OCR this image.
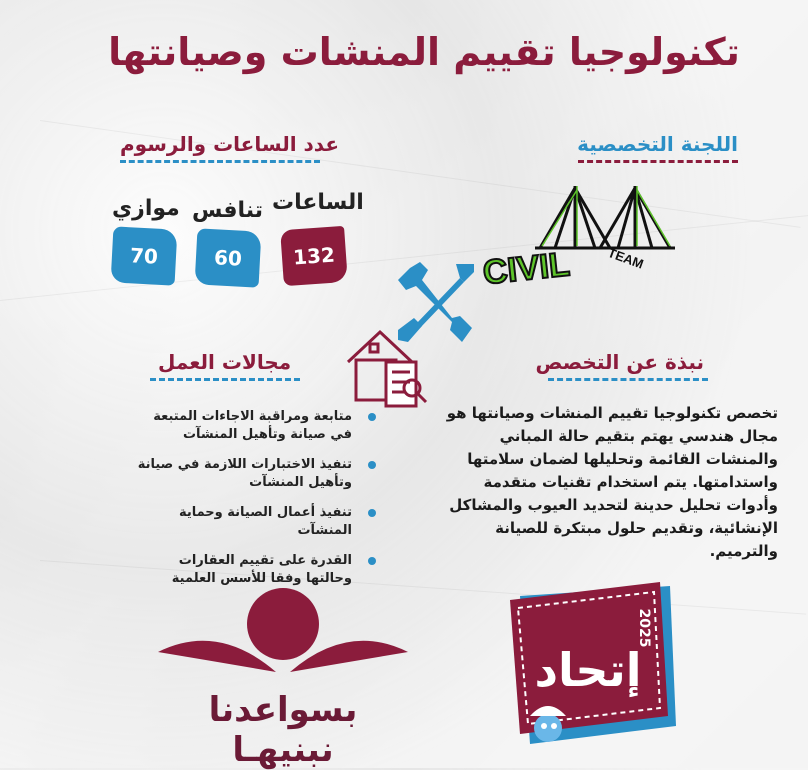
تكنولوجيا تقييم المنشات وصيانتها
اللجنة التخصصية
CIVIL	TEAM
عدد الساعات والرسوم
الساعات
تنافس
موازي
132
60
70
مجالات العمل
متابعة ومراقبة الاجاءات المتبعة في صيانة وتأهيل المنشآت
تنفيذ الاختبارات اللازمة في صيانة وتأهيل المنشآت
تنفيذ أعمال الصيانة وحماية المنشآت
القدرة على تقييم العقارات وحالتها وفقا للأسس العلمية
نبذة عن التخصص
تخصص تكنولوجيا تقييم المنشات وصيانتها هو مجال هندسي يهتم بتقيم حالة المباني والمنشات القائمة وتحليلها لضمان سلامتها واستدامتها. يتم استخدام تقنيات متقدمة وأدوات تحليل حدينة لتحديد العيوب والمشاكل الإنشائية، وتقديم حلول مبتكرة للصيانة والترميم.
بسواعدنا نبنيهـا
إتحاد
2025
